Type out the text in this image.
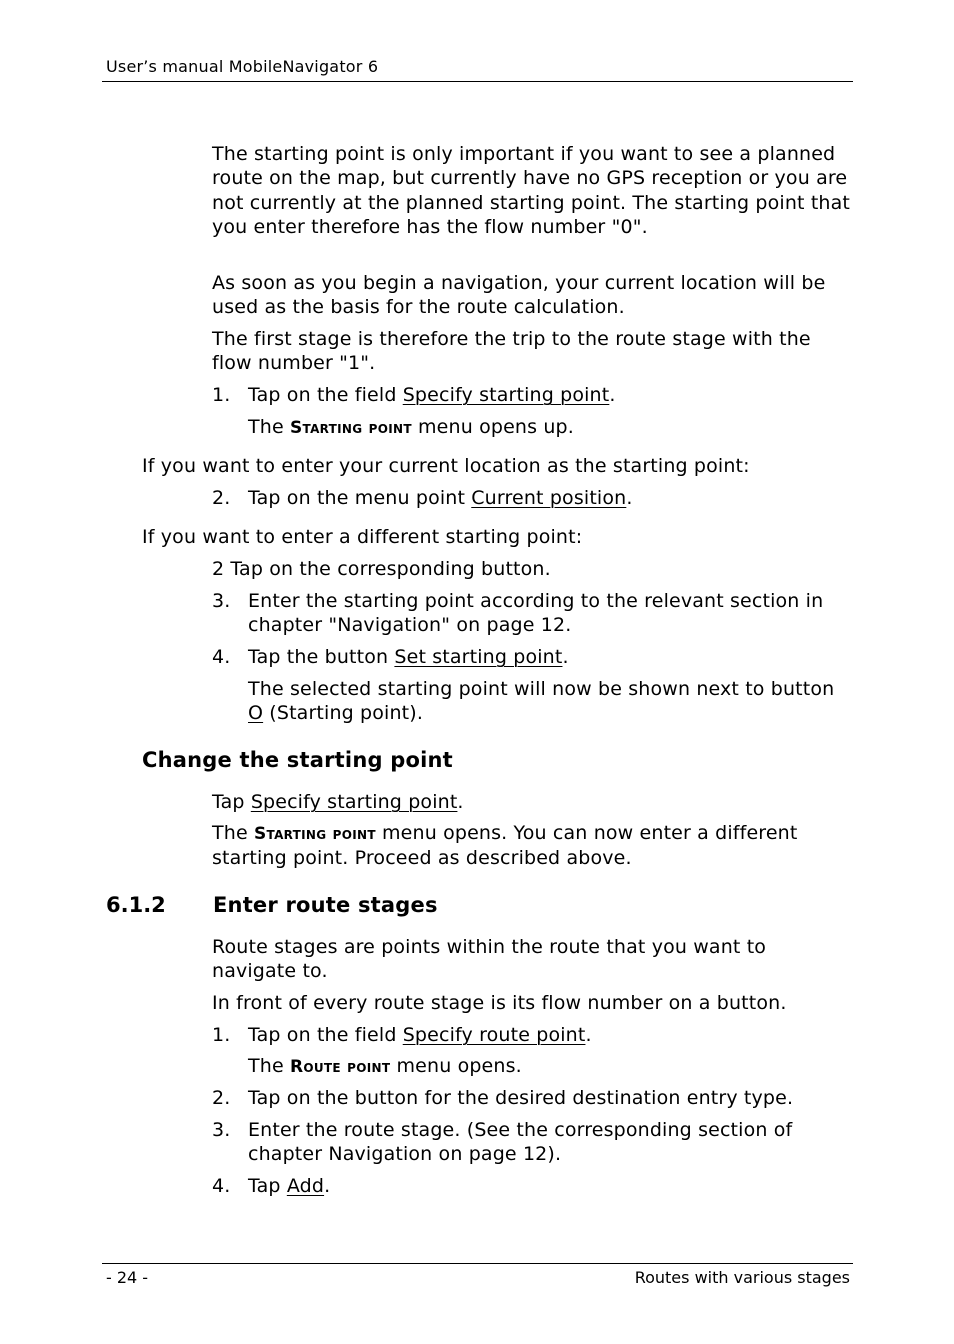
User’s manual MobileNavigator 6

The starting point is only important if you want to see a planned route on the map, but currently have no GPS reception or you are not currently at the planned starting point. The starting point that you enter therefore has the flow number "0".

As soon as you begin a navigation, your current location will be used as the basis for the route calculation.

The first stage is therefore the trip to the route stage with the flow number "1".

1. Tap on the field Specify starting point.
The Starting point menu opens up.

If you want to enter your current location as the starting point:

2. Tap on the menu point Current position.

If you want to enter a different starting point:

2 Tap on the corresponding button.

3. Enter the starting point according to the relevant section in chapter "Navigation" on page 12.
4. Tap the button Set starting point.
The selected starting point will now be shown next to button O (Starting point).
Change the starting point

Tap Specify starting point.

The Starting point menu opens. You can now enter a different starting point. Proceed as described above.

6.1.2 Enter route stages

Route stages are points within the route that you want to navigate to.

In front of every route stage is its flow number on a button.

1. Tap on the field Specify route point.
The Route point menu opens.
2. Tap on the button for the desired destination entry type.
3. Enter the route stage. (See the corresponding section of chapter Navigation on page 12).
4. Tap Add.
- 24 -	Routes with various stages
